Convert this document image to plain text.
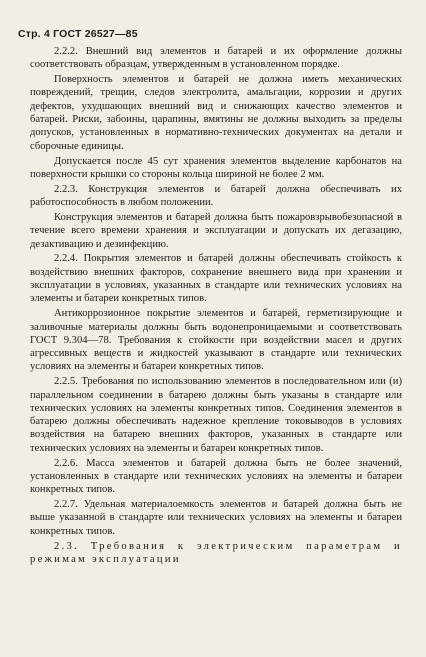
Стр. 4 ГОСТ 26527—85

2.2.2. Внешний вид элементов и батарей и их оформление должны соответствовать образцам, утвержденным в установленном порядке.

Поверхность элементов и батарей не должна иметь механических повреждений, трещин, следов электролита, амальгации, коррозии и других дефектов, ухудшающих внешний вид и снижающих качество элементов и батарей. Риски, забоины, царапины, вмятины не должны выходить за пределы допусков, установленных в нормативно-технических документах на детали и сборочные единицы.

Допускается после 45 сут хранения элементов выделение карбонатов на поверхности крышки со стороны кольца шириной не более 2 мм.

2.2.3. Конструкция элементов и батарей должна обеспечивать их работоспособность в любом положении.

Конструкция элементов и батарей должна быть пожаровзрывобезопасной в течение всего времени хранения и эксплуатации и допускать их дегазацию, дезактивацию и дезинфекцию.

2.2.4. Покрытия элементов и батарей должны обеспечивать стойкость к воздействию внешних факторов, сохранение внешнего вида при хранении и эксплуатации в условиях, указанных в стандарте или технических условиях на элементы и батареи конкретных типов.

Антикоррозионное покрытие элементов и батарей, герметизирующие и заливочные материалы должны быть водонепроницаемыми и соответствовать ГОСТ 9.304—78. Требования к стойкости при воздействии масел и других агрессивных веществ и жидкостей указывают в стандарте или технических условиях на элементы и батареи конкретных типов.

2.2.5. Требования по использованию элементов в последовательном или (и) параллельном соединении в батарею должны быть указаны в стандарте или технических условиях на элементы конкретных типов. Соединения элементов в батарею должны обеспечивать надежное крепление токовыводов в условиях воздействия на батарею внешних факторов, указанных в стандарте или технических условиях на элементы и батареи конкретных типов.

2.2.6. Масса элементов и батарей должна быть не более значений, установленных в стандарте или технических условиях на элементы и батареи конкретных типов.

2.2.7. Удельная материалоемкость элементов и батарей должна быть не выше указанной в стандарте или технических условиях на элементы и батареи конкретных типов.

2.3. Требования к электрическим параметрам и режимам эксплуатации
